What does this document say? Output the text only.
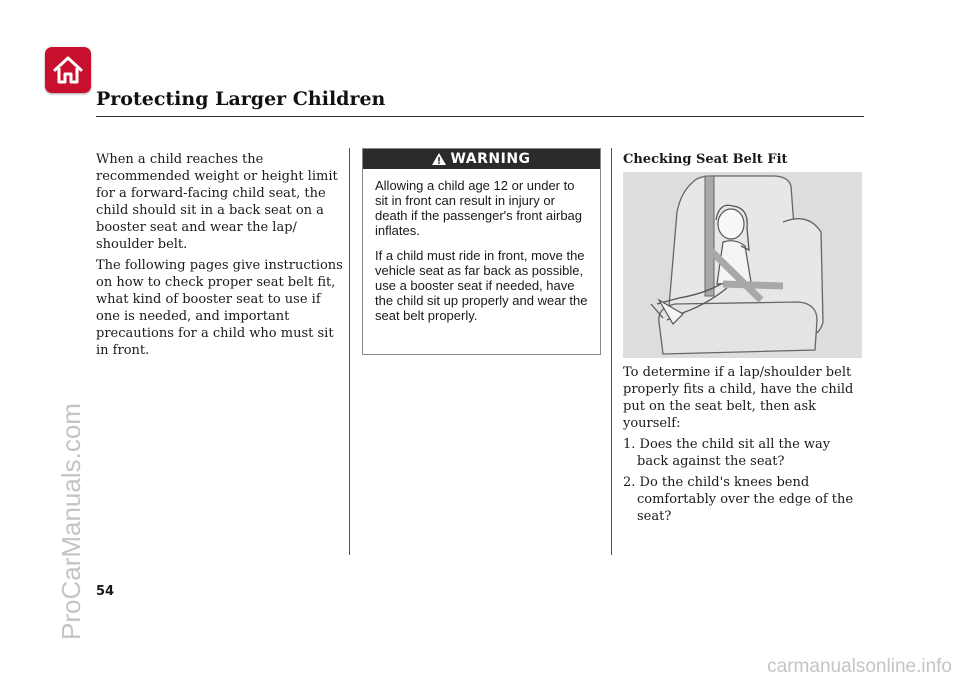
Protecting Larger Children

When a child reaches the recommended weight or height limit for a forward-facing child seat, the child should sit in a back seat on a booster seat and wear the lap/ shoulder belt.

The following pages give instructions on how to check proper seat belt fit, what kind of booster seat to use if one is needed, and important precautions for a child who must sit in front.

WARNING

Allowing a child age 12 or under to sit in front can result in injury or death if the passenger's front airbag inflates.

If a child must ride in front, move the vehicle seat as far back as possible, use a booster seat if needed, have the child sit up properly and wear the seat belt properly.

Checking Seat Belt Fit

To determine if a lap/shoulder belt properly fits a child, have the child put on the seat belt, then ask yourself:

1. Does the child sit all the way back against the seat?

2. Do the child's knees bend comfortably over the edge of the seat?

54
ProCarManuals.com
carmanualsonline.info
